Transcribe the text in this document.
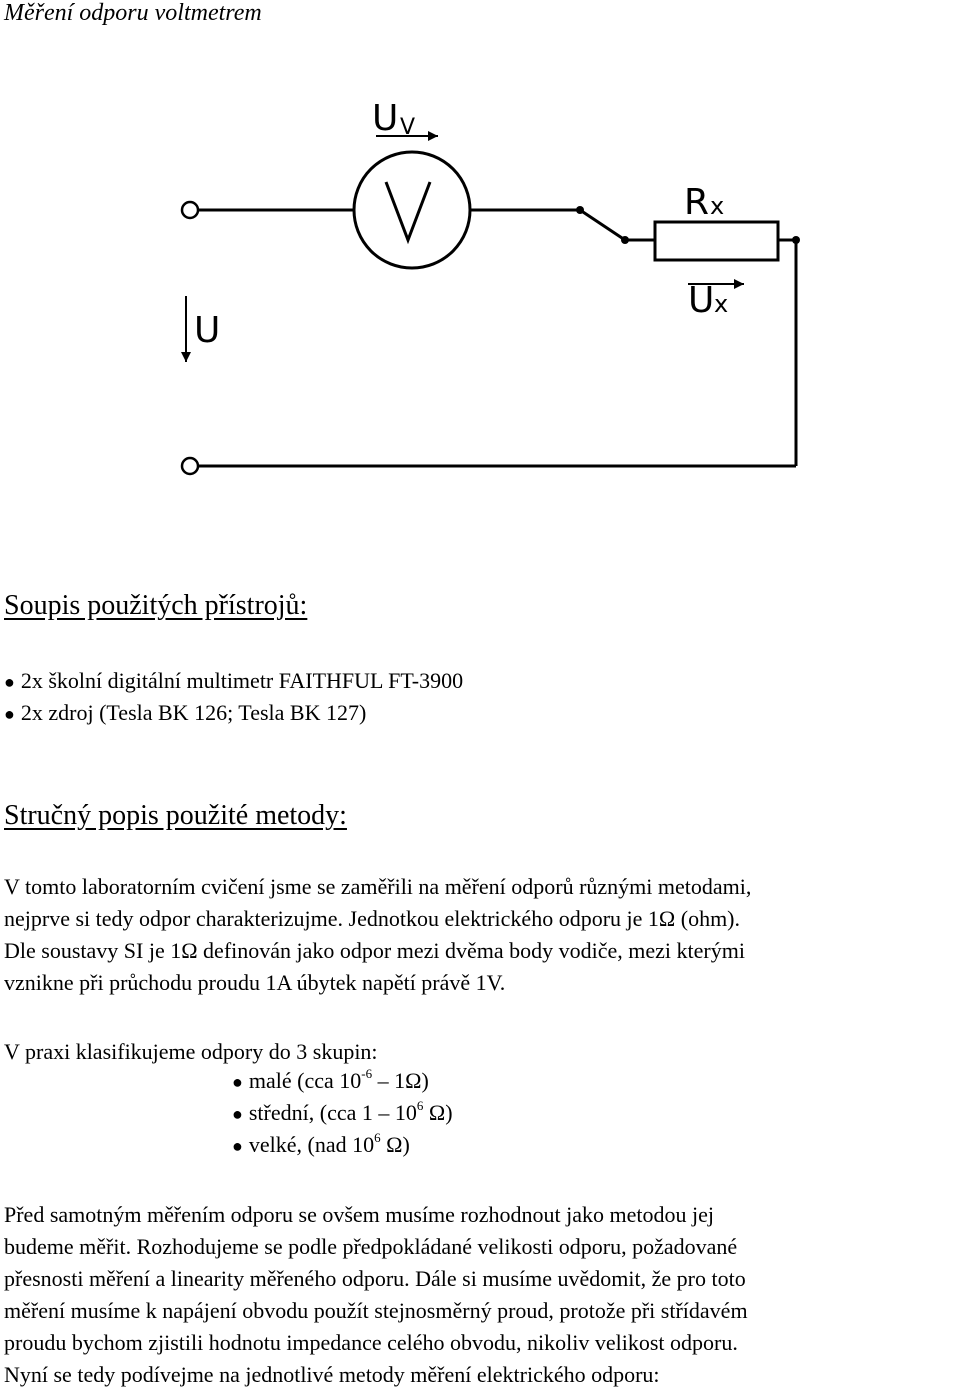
Měření odporu voltmetrem
U V
R x
U x
U
Soupis použitých přístrojů:
● 2x školní digitální multimetr FAITHFUL FT-3900
● 2x zdroj (Tesla BK 126; Tesla BK 127)
Stručný popis použité metody:
V tomto laboratorním cvičení jsme se zaměřili na měření odporů různými metodami,
nejprve si tedy odpor charakterizujme. Jednotkou elektrického odporu je 1Ω (ohm).
Dle soustavy SI je 1Ω definován jako odpor mezi dvěma body vodiče, mezi kterými
vznikne při průchodu proudu 1A úbytek napětí právě 1V.
V praxi klasifikujeme odpory do 3 skupin:
● malé (cca $10^{-6} - 1\Omega$)
● střední, (cca $1 - 10^6$ Ω)
● velké, (nad $10^6$ Ω)
Před samotným měřením odporu se ovšem musíme rozhodnout jako metodou jej
budeme měřit. Rozhodujeme se podle předpokládané velikosti odporu, požadované
přesnosti měření a linearity měřeného odporu. Dále si musíme uvědomit, že pro toto
měření musíme k napájení obvodu použít stejnosměrný proud, protože při střídavém
proudu bychom zjistili hodnotu impedance celého obvodu, nikoliv velikost odporu.
Nyní se tedy podívejme na jednotlivé metody měření elektrického odporu:
